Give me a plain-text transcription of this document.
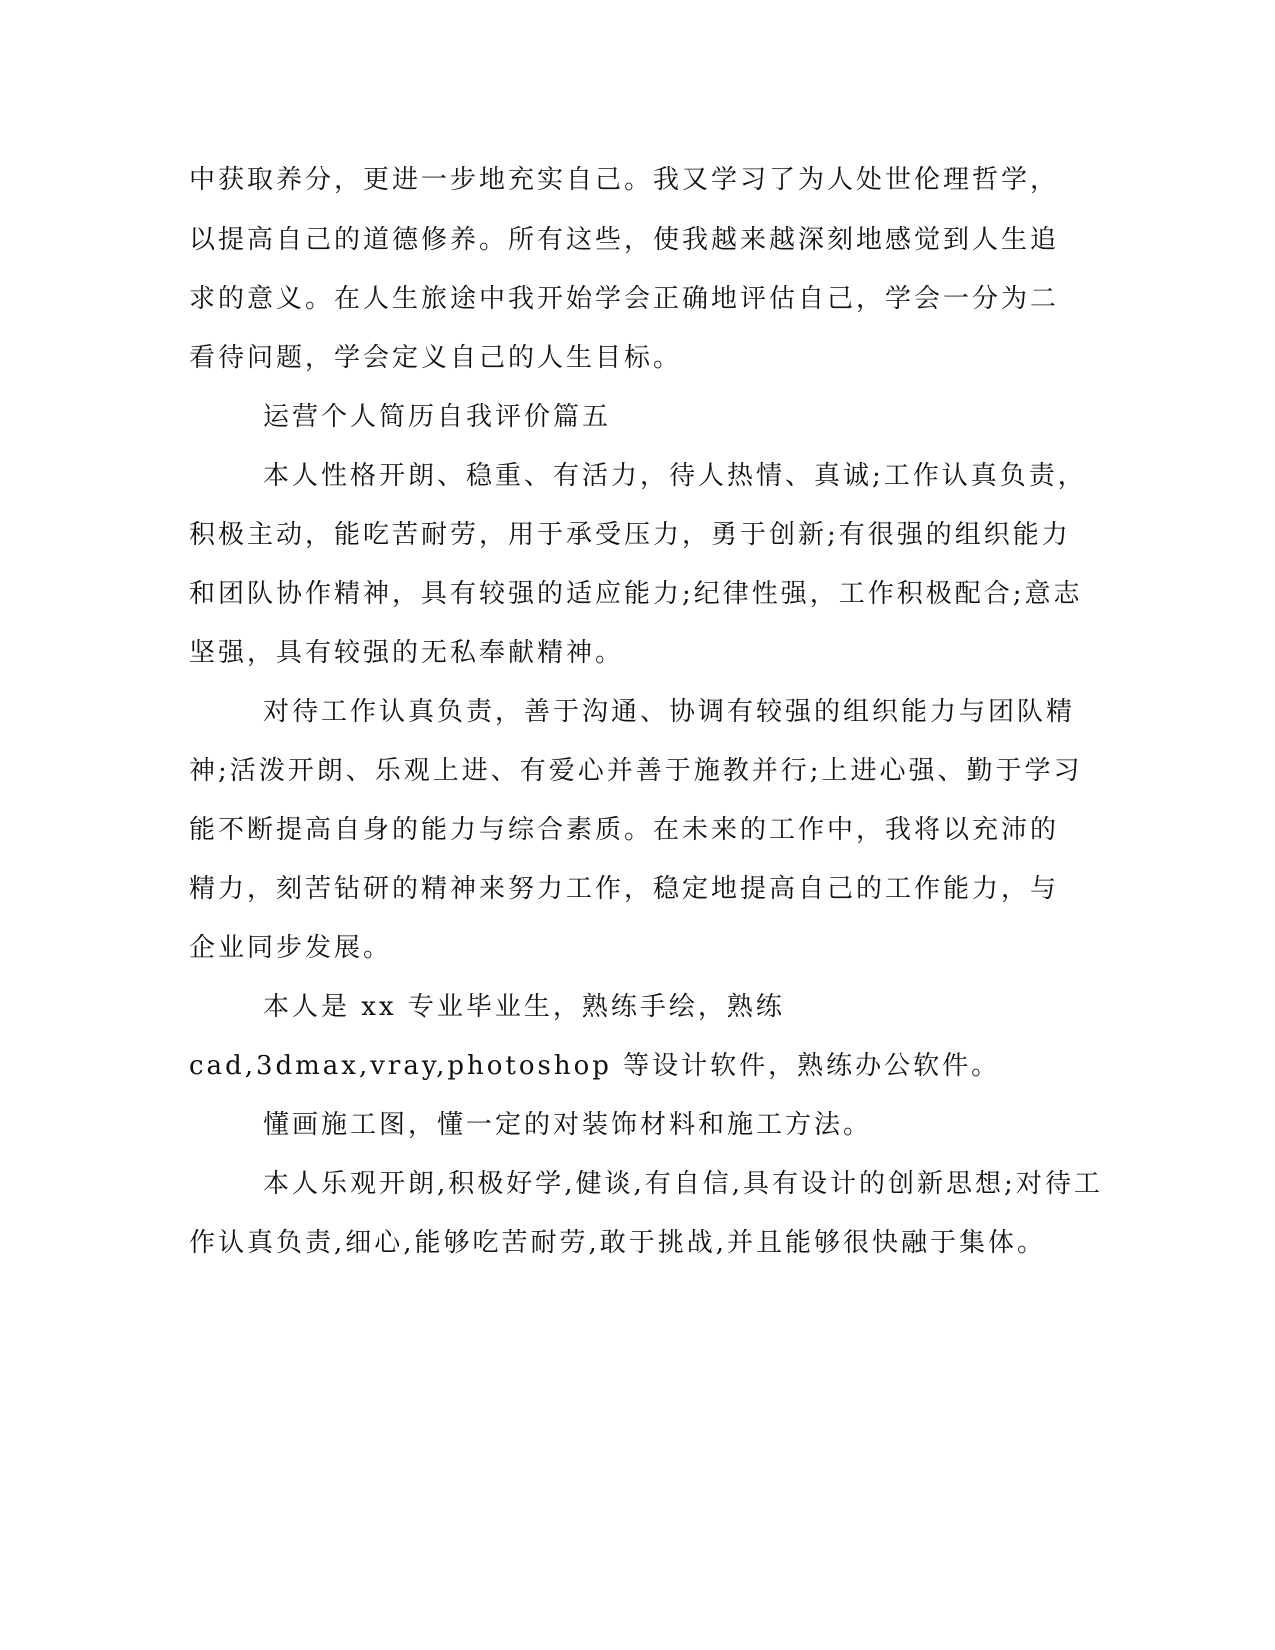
中获取养分，更进一步地充实自己。我又学习了为人处世伦理哲学，
以提高自己的道德修养。所有这些，使我越来越深刻地感觉到人生追
求的意义。在人生旅途中我开始学会正确地评估自己，学会一分为二
看待问题，学会定义自己的人生目标。
运营个人简历自我评价篇五
本人性格开朗、稳重、有活力，待人热情、真诚;工作认真负责，
积极主动，能吃苦耐劳，用于承受压力，勇于创新;有很强的组织能力
和团队协作精神，具有较强的适应能力;纪律性强，工作积极配合;意志
坚强，具有较强的无私奉献精神。
对待工作认真负责，善于沟通、协调有较强的组织能力与团队精
神;活泼开朗、乐观上进、有爱心并善于施教并行;上进心强、勤于学习
能不断提高自身的能力与综合素质。在未来的工作中，我将以充沛的
精力，刻苦钻研的精神来努力工作，稳定地提高自己的工作能力，与
企业同步发展。
本人是 xx 专业毕业生，熟练手绘，熟练
cad,3dmax,vray,photoshop 等设计软件，熟练办公软件。
懂画施工图，懂一定的对装饰材料和施工方法。
本人乐观开朗,积极好学,健谈,有自信,具有设计的创新思想;对待工
作认真负责,细心,能够吃苦耐劳,敢于挑战,并且能够很快融于集体。
